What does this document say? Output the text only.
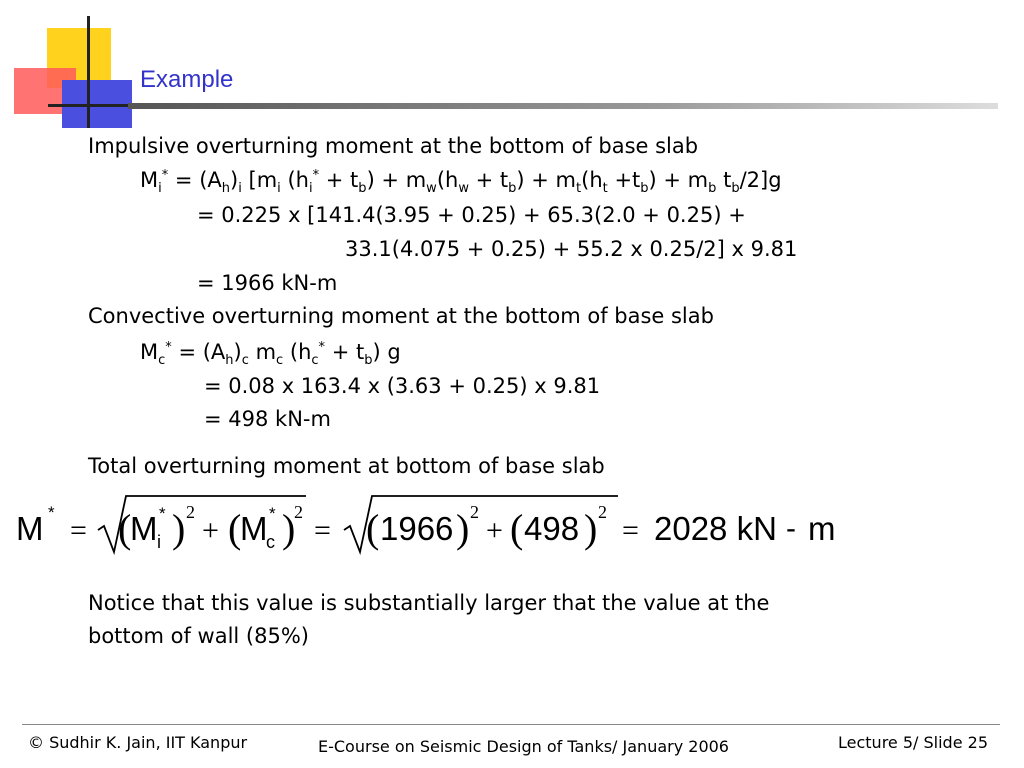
Example
Impulsive overturning moment at the bottom of base slab
$M_i^* = (A_h)_i$ [$m_i$ $(h_i^* + t_b) + m_w(h_w + t_b) + m_t(h_t +t_b) + m_b$ $t_b/2]g$
= 0.225 x [141.4(3.95 + 0.25) + 65.3(2.0 + 0.25) +
33.1(4.075 + 0.25) + 55.2 x 0.25/2] x 9.81
= 1966 kN-m
Convective overturning moment at the bottom of base slab
$M_c^* = (A_h)_c$ $m_c$ $(h_c^* + t_b)$ g
= 0.08 x 163.4 x (3.63 + 0.25) x 9.81
= 498 kN-m
Total overturning moment at bottom of base slab
M *
= (
M *
i ) 2
+ (
M *
c )
2
= ( 1966 ) 2
+ ( 498 ) 2
= 2028 kN - m
Notice that this value is substantially larger that the value at the
bottom of wall (85%)
© Sudhir K. Jain, IIT Kanpur	E-Course on Seismic Design of Tanks/ January 2006	Lecture 5/ Slide 25
